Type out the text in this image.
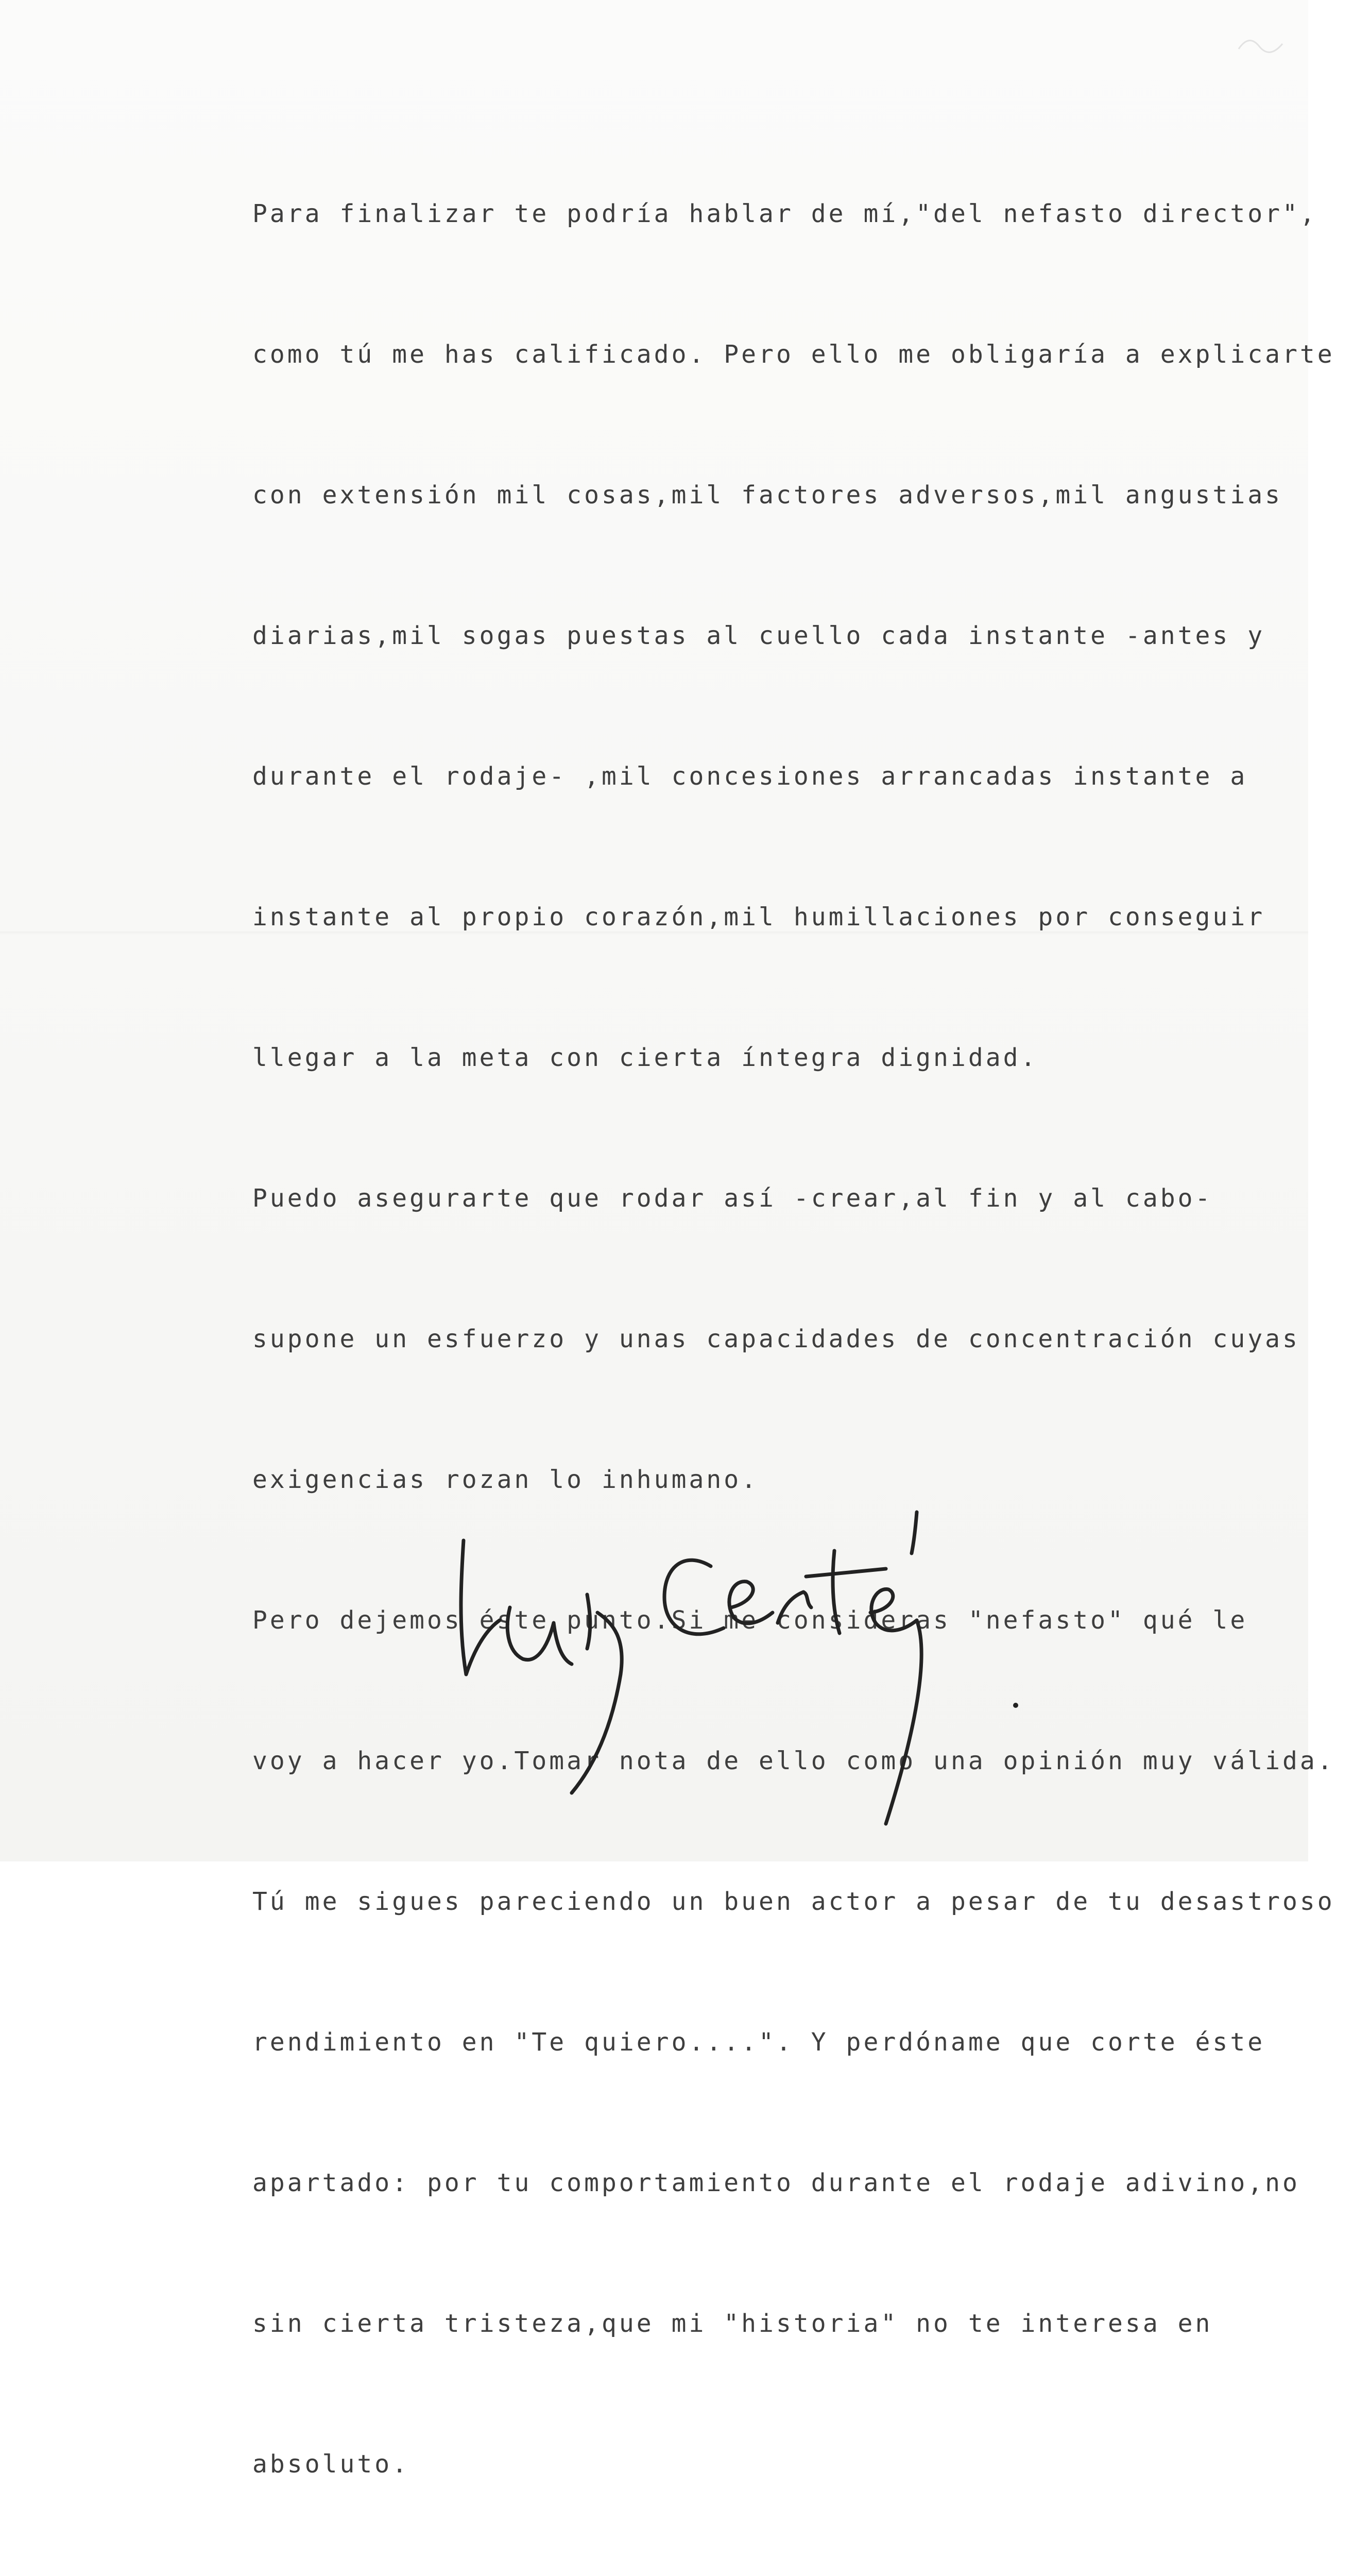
Para finalizar te podría hablar de mí,"del nefasto director",

como tú me has calificado. Pero ello me obligaría a explicarte

con extensión mil cosas,mil factores adversos,mil angustias

diarias,mil sogas puestas al cuello cada instante -antes y

durante el rodaje- ,mil concesiones arrancadas instante a

instante al propio corazón,mil humillaciones por conseguir

llegar a la meta con cierta íntegra dignidad.

Puedo asegurarte que rodar así -crear,al fin y al cabo-

supone un esfuerzo y unas capacidades de concentración cuyas

exigencias rozan lo inhumano.

Pero dejemos éste punto.Si me consideras "nefasto" qué le

voy a hacer yo.Tomar nota de ello como una opinión muy válida.

Tú me sigues pareciendo un buen actor a pesar de tu desastroso

rendimiento en "Te quiero....". Y perdóname que corte éste

apartado: por tu comportamiento durante el rodaje adivino,no

sin cierta tristeza,que mi "historia" no te interesa en

absoluto.
